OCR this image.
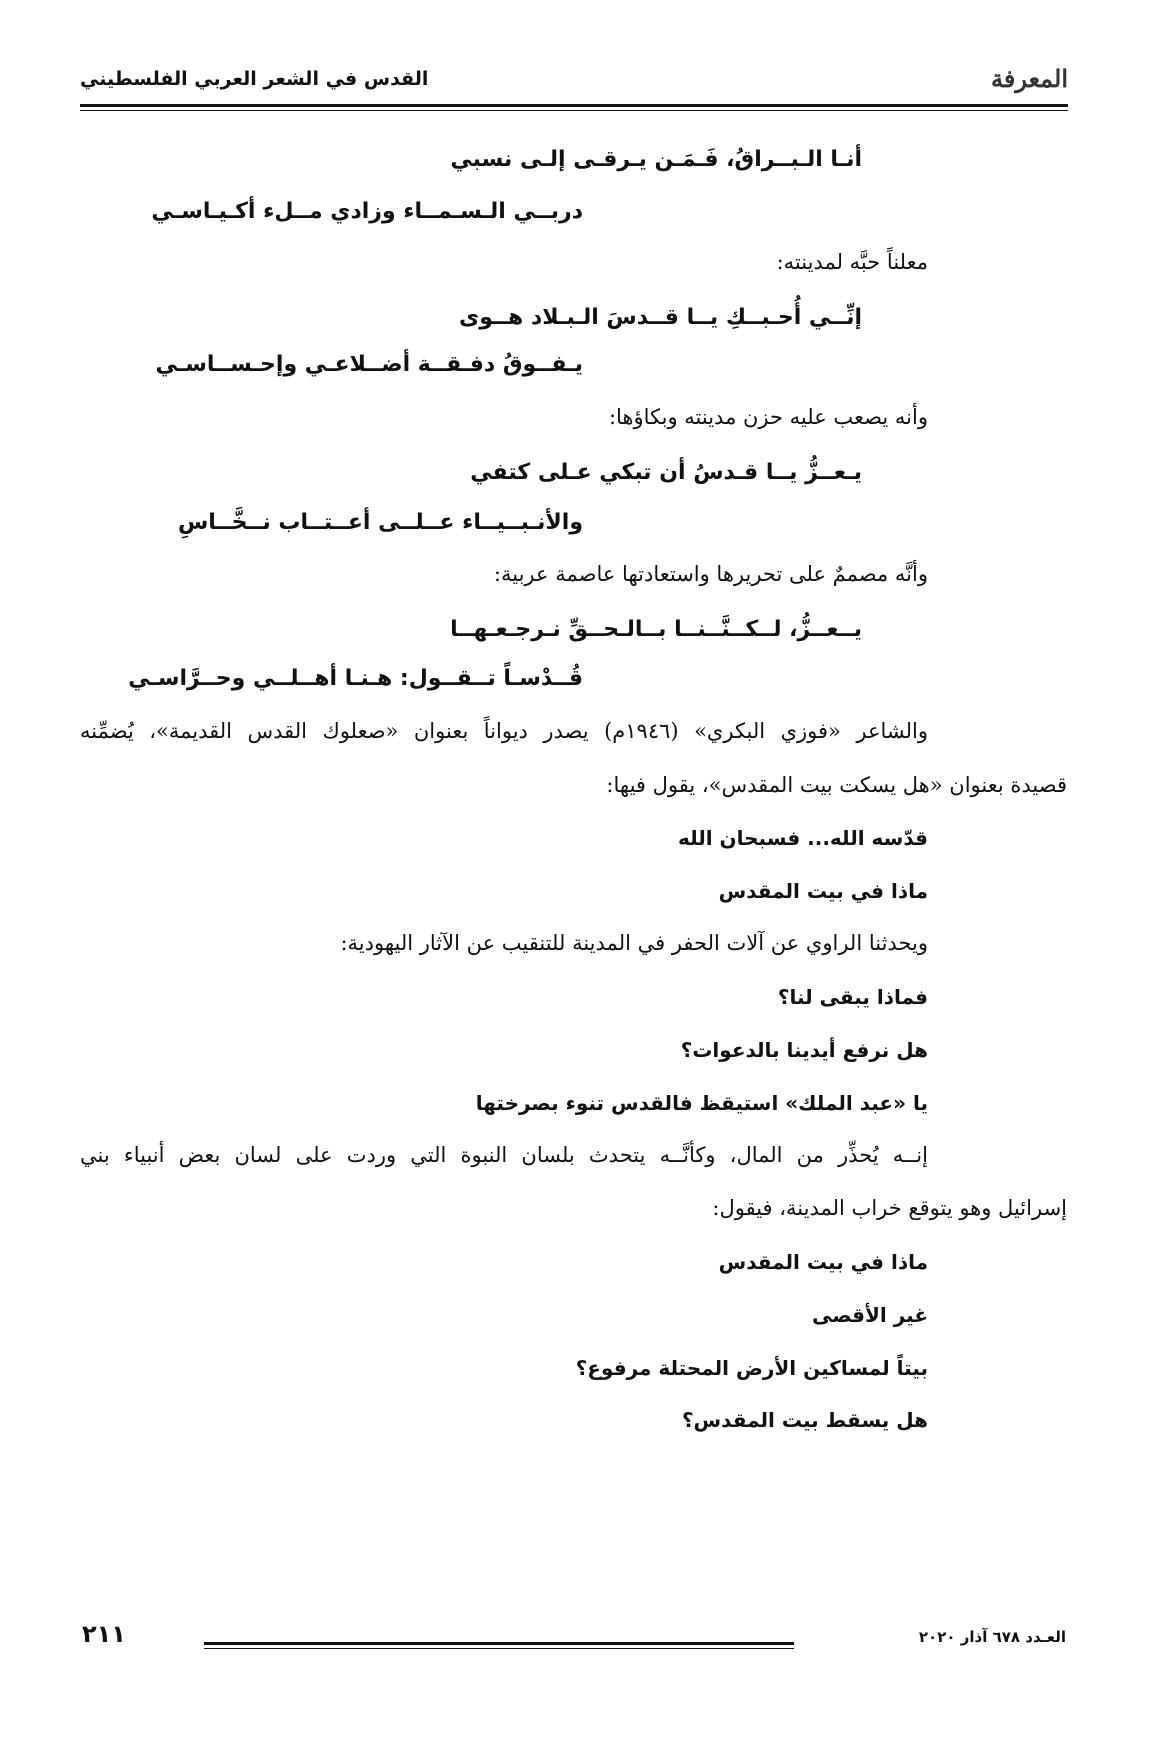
المعرفة
القدس في الشعر العربي الفلسطيني
أنـا الـبــراقُ، فَـمَـن يـرقـى إلـى نسبي
دربــي الـسـمــاء وزادي مــلء أكـيـاسـي
معلناً حبَّه لمدينته:
إنِّــي أُحـبــكِ يــا قــدسَ الـبـلاد هــوى
يـفــوقُ دفـقــة أضــلاعـي وإحـســاسـي
وأنه يصعب عليه حزن مدينته وبكاؤها:
يـعــزُّ يــا قـدسُ أن تبكي عـلى كتفي
والأنـبــيــاء عــلــى أعــتــاب نــخَّــاسِ
وأنَّه مصممٌ على تحريرها واستعادتها عاصمة عربية:
يــعــزُّ، لــكــنَّــنــا بــالـحــقِّ نـرجـعـهــا
قُــدْسـاً تــقــول: هـنـا أهــلــي وحــرَّاسـي
والشاعر «فوزي البكري» (١٩٤٦م) يصدر ديواناً بعنوان «صعلوك القدس القديمة»، يُضمِّنه
قصيدة بعنوان «هل يسكت بيت المقدس»، يقول فيها:
قدّسه الله... فسبحان الله
ماذا في بيت المقدس
ويحدثنا الراوي عن آلات الحفر في المدينة للتنقيب عن الآثار اليهودية:
فماذا يبقى لنا؟
هل نرفع أيدينا بالدعوات؟
يا «عبد الملك» استيقظ فالقدس تنوء بصرختها
إنــه يُحذِّر من المال، وكأنَّــه يتحدث بلسان النبوة التي وردت على لسان بعض أنبياء بني
إسرائيل وهو يتوقع خراب المدينة، فيقول:
ماذا في بيت المقدس
غير الأقصى
بيتاً لمساكين الأرض المحتلة مرفوع؟
هل يسقط بيت المقدس؟
العـدد ٦٧٨ آذار ٢٠٢٠
٢١١
